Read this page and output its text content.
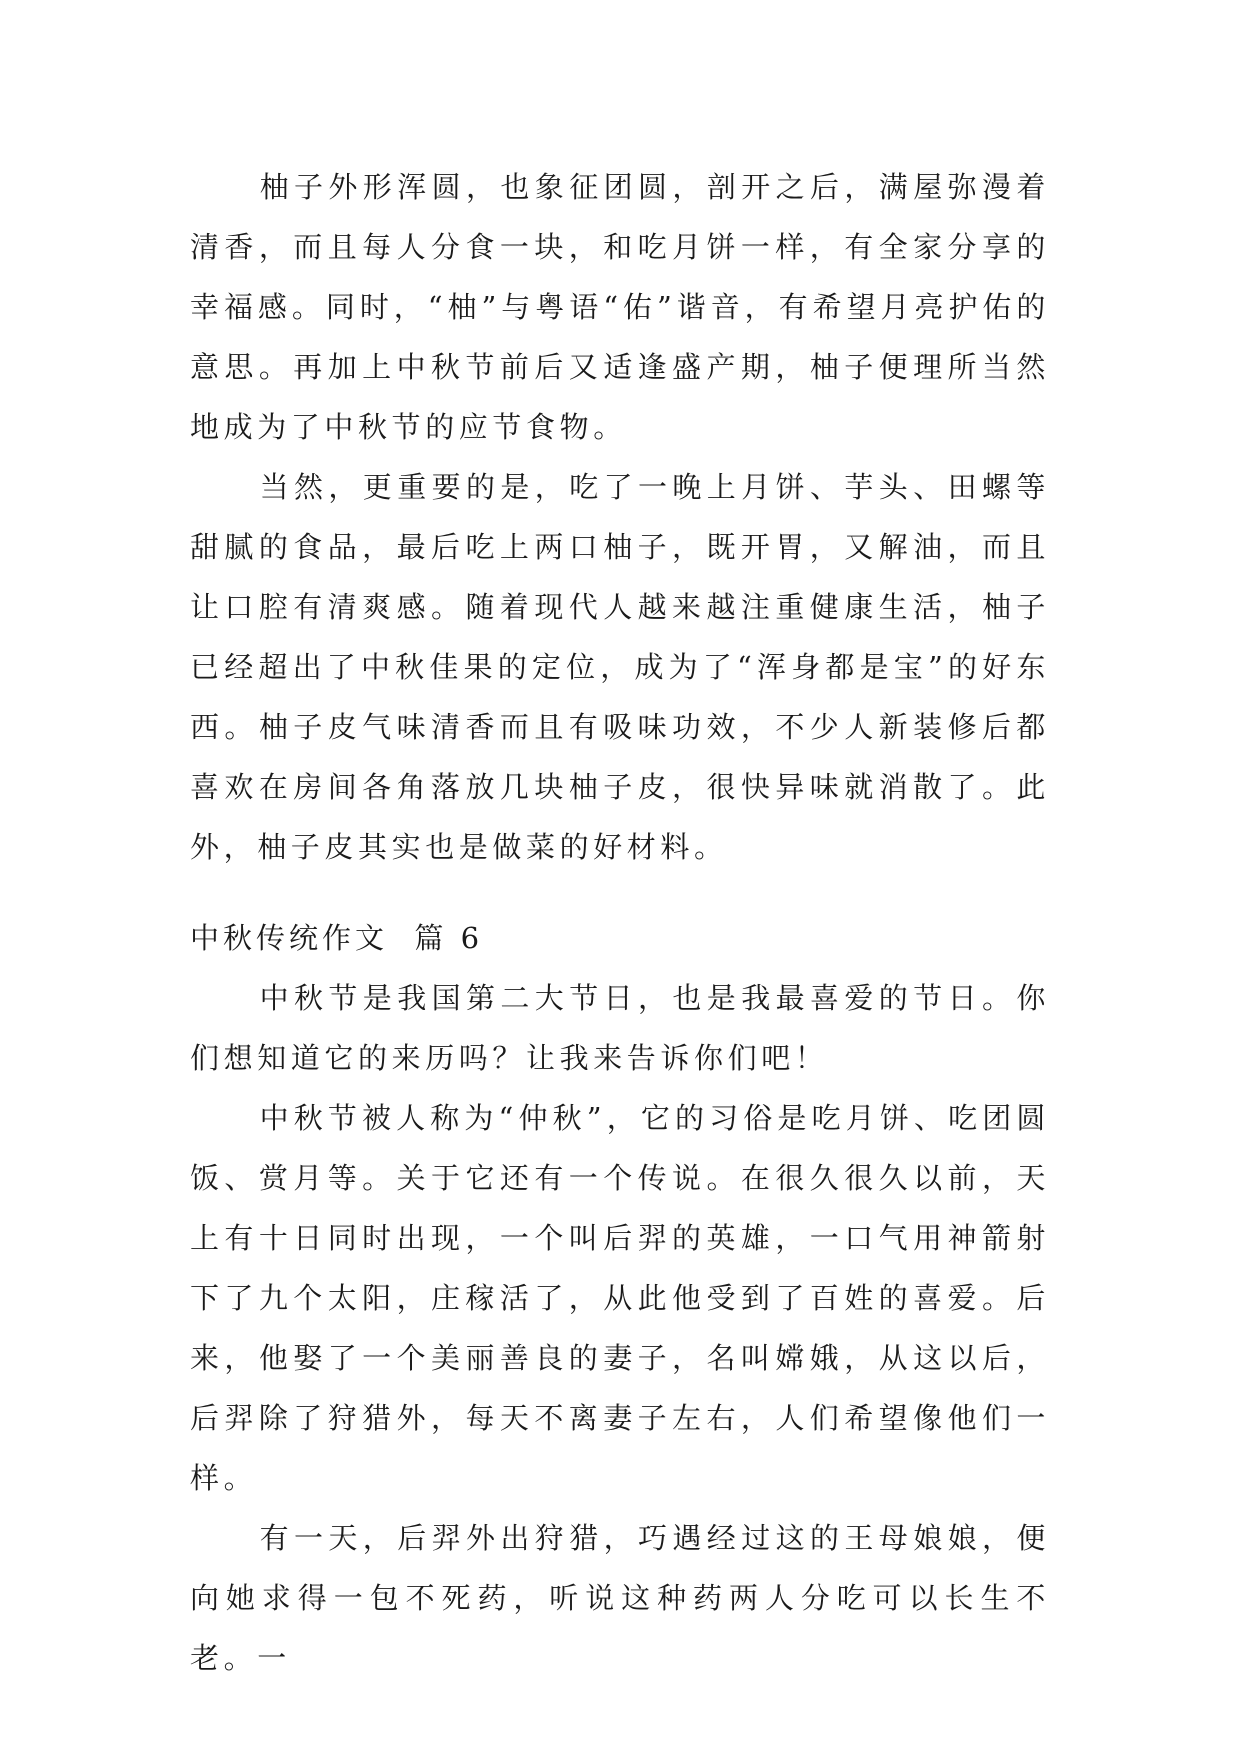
柚子外形浑圆，也象征团圆，剖开之后，满屋弥漫着清香，而且每人分食一块，和吃月饼一样，有全家分享的幸福感。同时，“柚”与粤语“佑”谐音，有希望月亮护佑的意思。再加上中秋节前后又适逢盛产期，柚子便理所当然地成为了中秋节的应节食物。

当然，更重要的是，吃了一晚上月饼、芋头、田螺等甜腻的食品，最后吃上两口柚子，既开胃，又解油，而且让口腔有清爽感。随着现代人越来越注重健康生活，柚子已经超出了中秋佳果的定位，成为了“浑身都是宝”的好东西。柚子皮气味清香而且有吸味功效，不少人新装修后都喜欢在房间各角落放几块柚子皮，很快异味就消散了。此外，柚子皮其实也是做菜的好材料。

中秋传统作文  篇 6

中秋节是我国第二大节日，也是我最喜爱的节日。你们想知道它的来历吗？让我来告诉你们吧！

中秋节被人称为“仲秋”，它的习俗是吃月饼、吃团圆饭、赏月等。关于它还有一个传说。在很久很久以前，天上有十日同时出现，一个叫后羿的英雄，一口气用神箭射下了九个太阳，庄稼活了，从此他受到了百姓的喜爱。后来，他娶了一个美丽善良的妻子，名叫嫦娥，从这以后，后羿除了狩猎外，每天不离妻子左右，人们希望像他们一样。

有一天，后羿外出狩猎，巧遇经过这的王母娘娘，便向她求得一包不死药，听说这种药两人分吃可以长生不老。一
